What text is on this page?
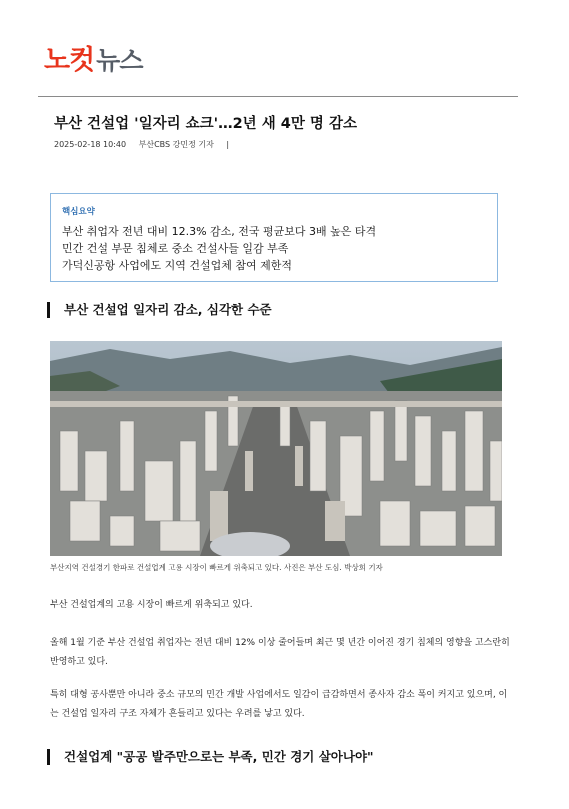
노컷뉴스
부산 건설업 '일자리 쇼크'…2년 새 4만 명 감소
2025-02-18 10:40 부산CBS 강민정 기자 |
핵심요약
부산 취업자 전년 대비 12.3% 감소, 전국 평균보다 3배 높은 타격
민간 건설 부문 침체로 중소 건설사들 일감 부족
가덕신공항 사업에도 지역 건설업체 참여 제한적
부산 건설업 일자리 감소, 심각한 수준
부산지역 건설경기 한파로 건설업계 고용 시장이 빠르게 위축되고 있다. 사진은 부산 도심. 박상희 기자
부산 건설업계의 고용 시장이 빠르게 위축되고 있다.
올해 1월 기준 부산 건설업 취업자는 전년 대비 12% 이상 줄어들며 최근 몇 년간 이어진 경기 침체의 영향을 고스란히 반영하고 있다.
특히 대형 공사뿐만 아니라 중소 규모의 민간 개발 사업에서도 일감이 급감하면서 종사자 감소 폭이 커지고 있으며, 이는 건설업 일자리 구조 자체가 흔들리고 있다는 우려를 낳고 있다.
건설업계 "공공 발주만으로는 부족, 민간 경기 살아나야"
